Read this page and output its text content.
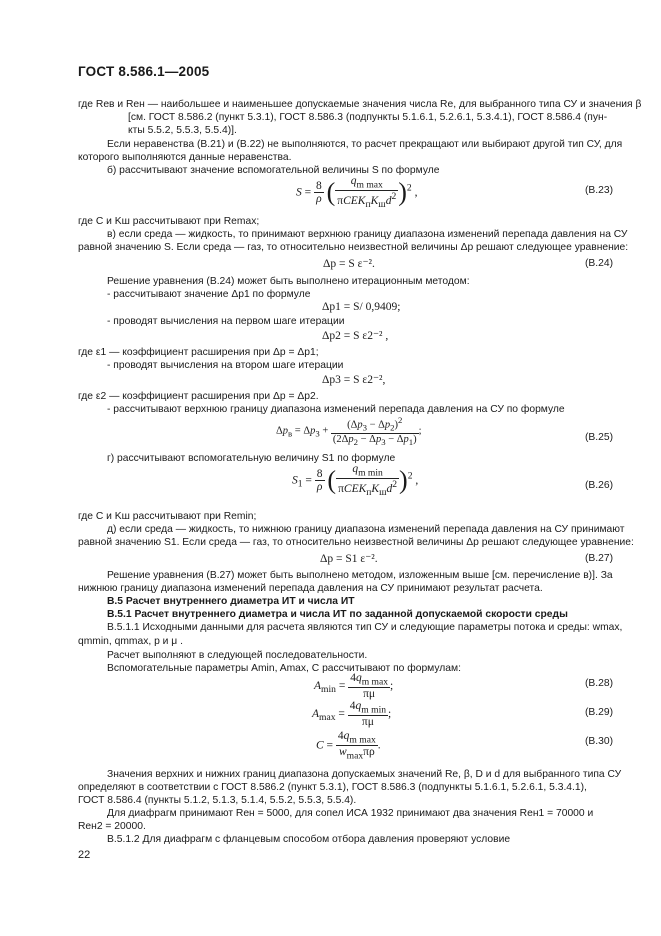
ГОСТ 8.586.1—2005
где Reв и Reн — наибольшее и наименьшее допускаемые значения числа Re, для выбранного типа СУ и значения β
[см. ГОСТ 8.586.2 (пункт 5.3.1), ГОСТ 8.586.3 (подпункты 5.1.6.1, 5.2.6.1, 5.3.4.1), ГОСТ 8.586.4 (пун-
кты 5.5.2, 5.5.3, 5.5.4)].
Если неравенства (В.21) и (В.22) не выполняются, то расчет прекращают или выбирают другой тип СУ, для
которого выполняются данные неравенства.
б) рассчитывают значение вспомогательной величины S по формуле
$S = \frac{8}{\rho}$ ( $\frac{q_{m max}}{\pi CEK_пK_шd^2} )^2$ ,	(В.23)
где C и Kш рассчитывают при Remax;
в) если среда — жидкость, то принимают верхнюю границу диапазона изменений перепада давления на СУ
равной значению S. Если среда — газ, то относительно неизвестной величины Δp решают следующее уравнение:
Δp = S ε⁻².	(В.24)
Решение уравнения (В.24) может быть выполнено итерационным методом:
- рассчитывают значение Δp1 по формуле
Δp1 = S/ 0,9409;
- проводят вычисления на первом шаге итерации
Δp2 = S ε2⁻² ,
где ε1 — коэффициент расширения при Δp = Δp1;
- проводят вычисления на втором шаге итерации
Δp3 = S ε2⁻²,
где ε2 — коэффициент расширения при Δp = Δp2.
- рассчитывают верхнюю границу диапазона изменений перепада давления на СУ по формуле
$\Delta p_в = \Delta p_3 + \frac{(\Delta p_3 - \Delta p_2)^2}{(2\Delta p_2 - \Delta p_3 - \Delta p_1)}$ ;
(В.25)
г) рассчитывают вспомогательную величину S1 по формуле
$S_1 = \frac{8}{\rho}$ ( $\frac{q_{m min}}{\pi CEK_пK_шd^2} )^2$ ,	(В.26)
где C и Kш рассчитывают при Remin;
д) если среда — жидкость, то нижнюю границу диапазона изменений перепада давления на СУ принимают
равной значению S1. Если среда — газ, то относительно неизвестной величины Δp решают следующее уравнение:
Δp = S1 ε⁻².	(В.27)
Решение уравнения (В.27) может быть выполнено методом, изложенным выше [см. перечисление в)]. За
нижнюю границу диапазона изменений перепада давления на СУ принимают результат расчета.
В.5 Расчет внутреннего диаметра ИТ и числа ИТ
В.5.1 Расчет внутреннего диаметра и числа ИТ по заданной допускаемой скорости среды
В.5.1.1 Исходными данными для расчета являются тип СУ и следующие параметры потока и среды: wmax,
qmmin, qmmax, p и μ .
Расчет выполняют в следующей последовательности.
Вспомогательные параметры Amin, Amax, C рассчитывают по формулам:
$A_{min} = \frac{4q_{m max}}{\pi\mu}$ ;	(В.28)
$A_{max} = \frac{4q_{m min}}{\pi\mu}$ ;	(В.29)
$C = \frac{4q_{m max}}{w_{max}\pi\rho}$ .	(В.30)
Значения верхних и нижних границ диапазона допускаемых значений Re, β, D и d для выбранного типа СУ
определяют в соответствии с ГОСТ 8.586.2 (пункт 5.3.1), ГОСТ 8.586.3 (подпункты 5.1.6.1, 5.2.6.1, 5.3.4.1),
ГОСТ 8.586.4 (пункты 5.1.2, 5.1.3, 5.1.4, 5.5.2, 5.5.3, 5.5.4).
Для диафрагм принимают Reн = 5000, для сопел ИСА 1932 принимают два значения Reн1 = 70000 и
Reн2 = 20000.
В.5.1.2 Для диафрагм с фланцевым способом отбора давления проверяют условие
22
